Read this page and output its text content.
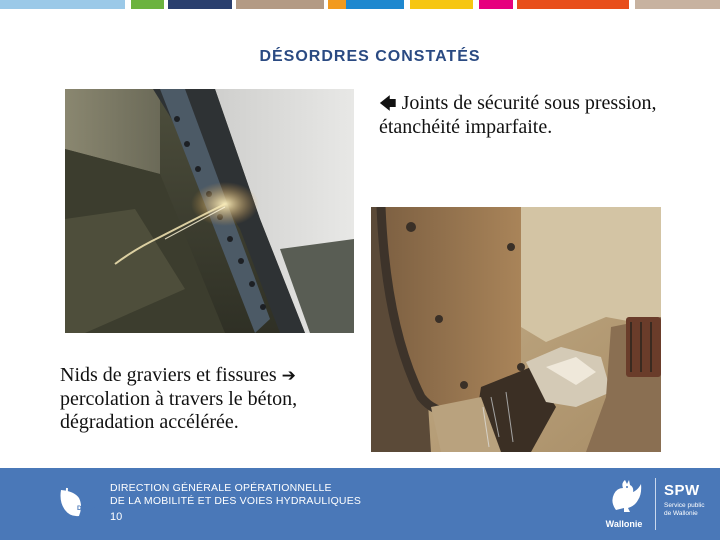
DÉSORDRES CONSTATÉS
🡄 Joints de sécurité sous pression, étanchéité imparfaite.
Nids de graviers et fissures ➔ percolation à travers le béton, dégradation accélérée.
DGO2
DIRECTION GÉNÉRALE OPÉRATIONNELLE
DE LA MOBILITÉ ET DES VOIES HYDRAULIQUES
10
Wallonie
SPW
Service public
de Wallonie
